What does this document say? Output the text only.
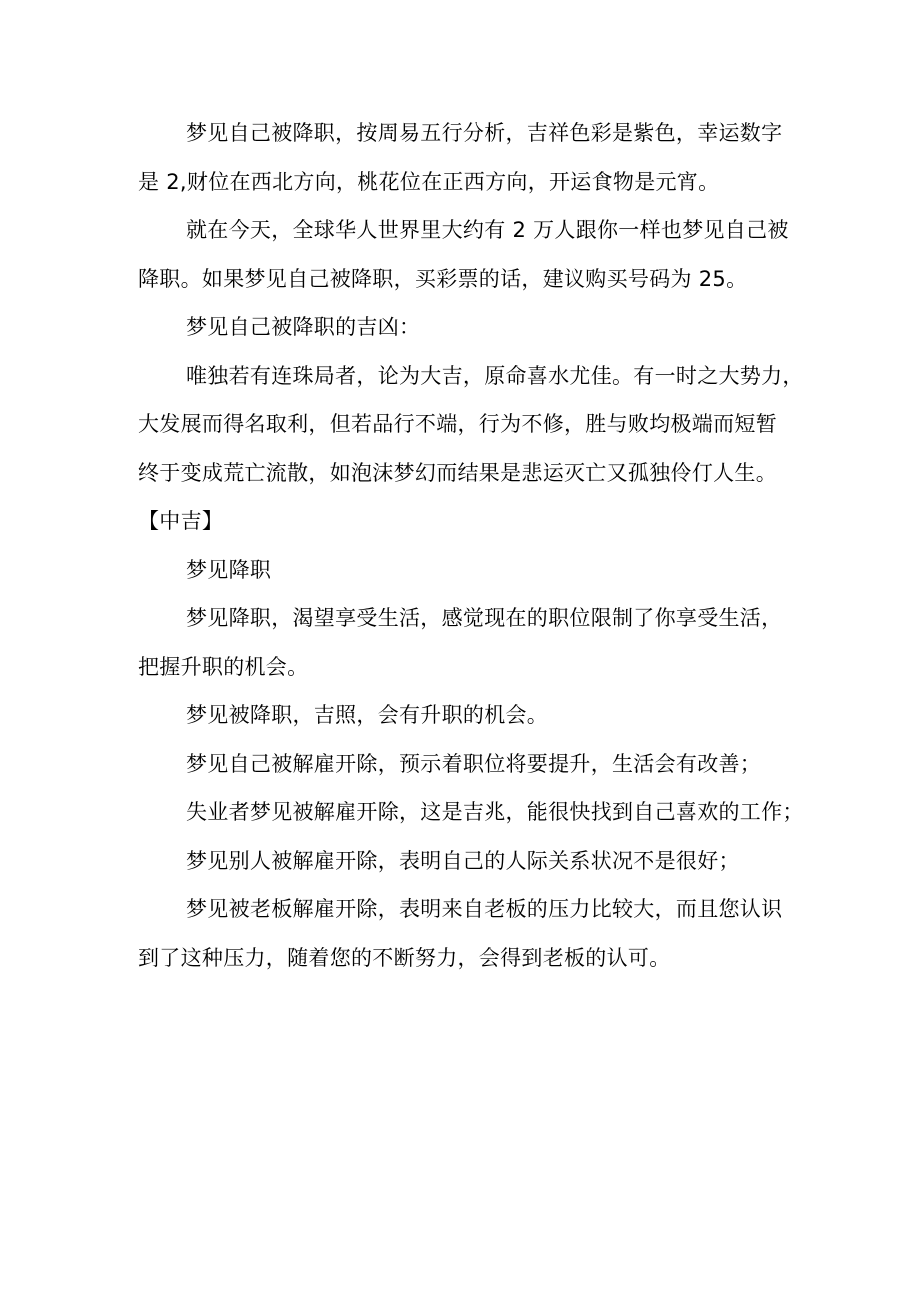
梦见自己被降职，按周易五行分析，吉祥色彩是紫色，幸运数字
是 2,财位在西北方向，桃花位在正西方向，开运食物是元宵。
就在今天，全球华人世界里大约有 2 万人跟你一样也梦见自己被
降职。如果梦见自己被降职，买彩票的话，建议购买号码为 25。
梦见自己被降职的吉凶：
唯独若有连珠局者，论为大吉，原命喜水尤佳。有一时之大势力，
大发展而得名取利，但若品行不端，行为不修，胜与败均极端而短暂
终于变成荒亡流散，如泡沫梦幻而结果是悲运灭亡又孤独伶仃人生。
【中吉】
梦见降职
梦见降职，渴望享受生活，感觉现在的职位限制了你享受生活，
把握升职的机会。
梦见被降职，吉照，会有升职的机会。
梦见自己被解雇开除，预示着职位将要提升，生活会有改善；
失业者梦见被解雇开除，这是吉兆，能很快找到自己喜欢的工作；
梦见别人被解雇开除，表明自己的人际关系状况不是很好；
梦见被老板解雇开除，表明来自老板的压力比较大，而且您认识
到了这种压力，随着您的不断努力，会得到老板的认可。
